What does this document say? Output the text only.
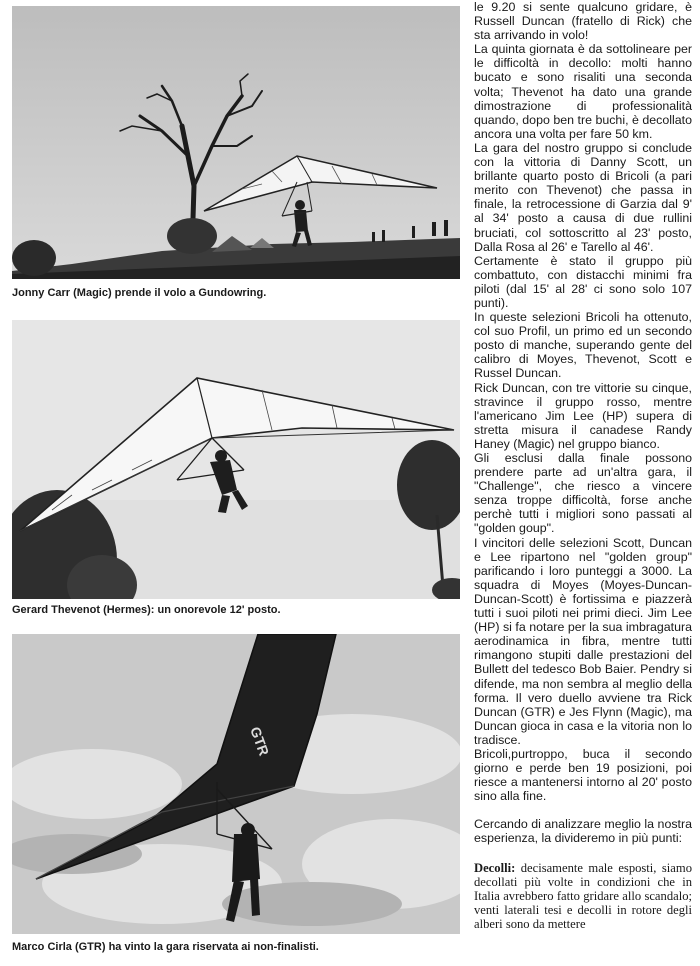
Jonny Carr (Magic) prende il volo a Gundowring.
Gerard Thevenot (Hermes): un onorevole 12' posto.
GTR
Marco Cirla (GTR) ha vinto la gara riservata ai non-finalisti.

le 9.20 si sente qualcuno gridare, è Russell Duncan (fratello di Rick) che sta arrivando in volo!

La quinta giornata è da sottolineare per le difficoltà in decollo: molti hanno bucato e sono risaliti una seconda volta; Thevenot ha dato una grande dimostrazione di professionalità quando, dopo ben tre buchi, è decollato ancora una volta per fare 50 km.

La gara del nostro gruppo si conclude con la vittoria di Danny Scott, un brillante quarto posto di Bricoli (a pari merito con Thevenot) che passa in finale, la retrocessione di Garzia dal 9' al 34' posto a causa di due rullini bruciati, col sottoscritto al 23' posto, Dalla Rosa al 26' e Tarello al 46'.

Certamente è stato il gruppo più combattuto, con distacchi minimi fra piloti (dal 15' al 28' ci sono solo 107 punti).

In queste selezioni Bricoli ha ottenuto, col suo Profil, un primo ed un secondo posto di manche, superando gente del calibro di Moyes, Thevenot, Scott e Russel Duncan.

Rick Duncan, con tre vittorie su cinque, stravince il gruppo rosso, mentre l'americano Jim Lee (HP) supera di stretta misura il canadese Randy Haney (Magic) nel gruppo bianco.

Gli esclusi dalla finale possono prendere parte ad un'altra gara, il "Challenge", che riesco a vincere senza troppe difficoltà, forse anche perchè tutti i migliori sono passati al "golden goup".

I vincitori delle selezioni Scott, Duncan e Lee ripartono nel "golden group" parificando i loro punteggi a 3000. La squadra di Moyes (Moyes-Duncan-Duncan-Scott) è fortissima e piazzerà tutti i suoi piloti nei primi dieci. Jim Lee (HP) si fa notare per la sua imbragatura aerodinamica in fibra, mentre tutti rimangono stupiti dalle prestazioni del Bullett del tedesco Bob Baier. Pendry si difende, ma non sembra al meglio della forma. Il vero duello avviene tra Rick Duncan (GTR) e Jes Flynn (Magic), ma Duncan gioca in casa e la vitoria non lo tradisce.

Bricoli,purtroppo, buca il secondo giorno e perde ben 19 posizioni, poi riesce a mantenersi intorno al 20' posto sino alla fine.

Cercando di analizzare meglio la nostra esperienza, la divideremo in più punti:

Decolli: decisamente male esposti, siamo decollati più volte in condizioni che in Italia avrebbero fatto gridare allo scandalo; venti laterali tesi e decolli in rotore degli alberi sono da mettere
